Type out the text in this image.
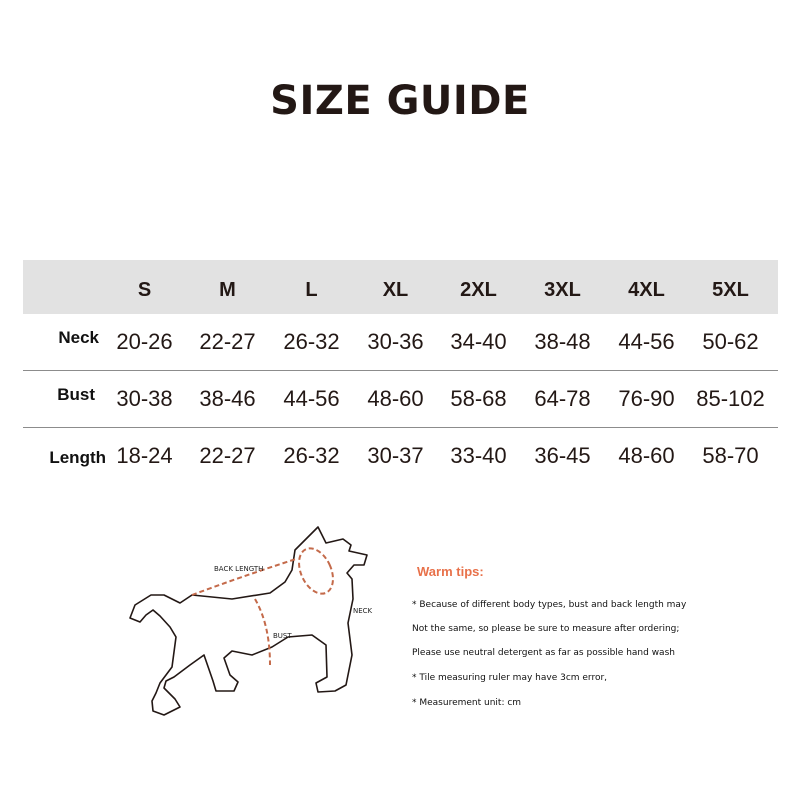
SIZE GUIDE
S	M	L	XL	2XL	3XL	4XL	5XL
Neck 20-26	22-27	26-32	30-36	34-40	38-48	44-56	50-62
Bust 30-38	38-46	44-56	48-60	58-68	64-78	76-90 85-102
Length 18-24	22-27	26-32	30-37	33-40	36-45	48-60	58-70
BACK LENGTH
BUST
NECK
Warm tips:
* Because of different body types, bust and back length may
Not the same, so please be sure to measure after ordering;
Please use neutral detergent as far as possible hand wash
* Tile measuring ruler may have 3cm error,
* Measurement unit: cm
